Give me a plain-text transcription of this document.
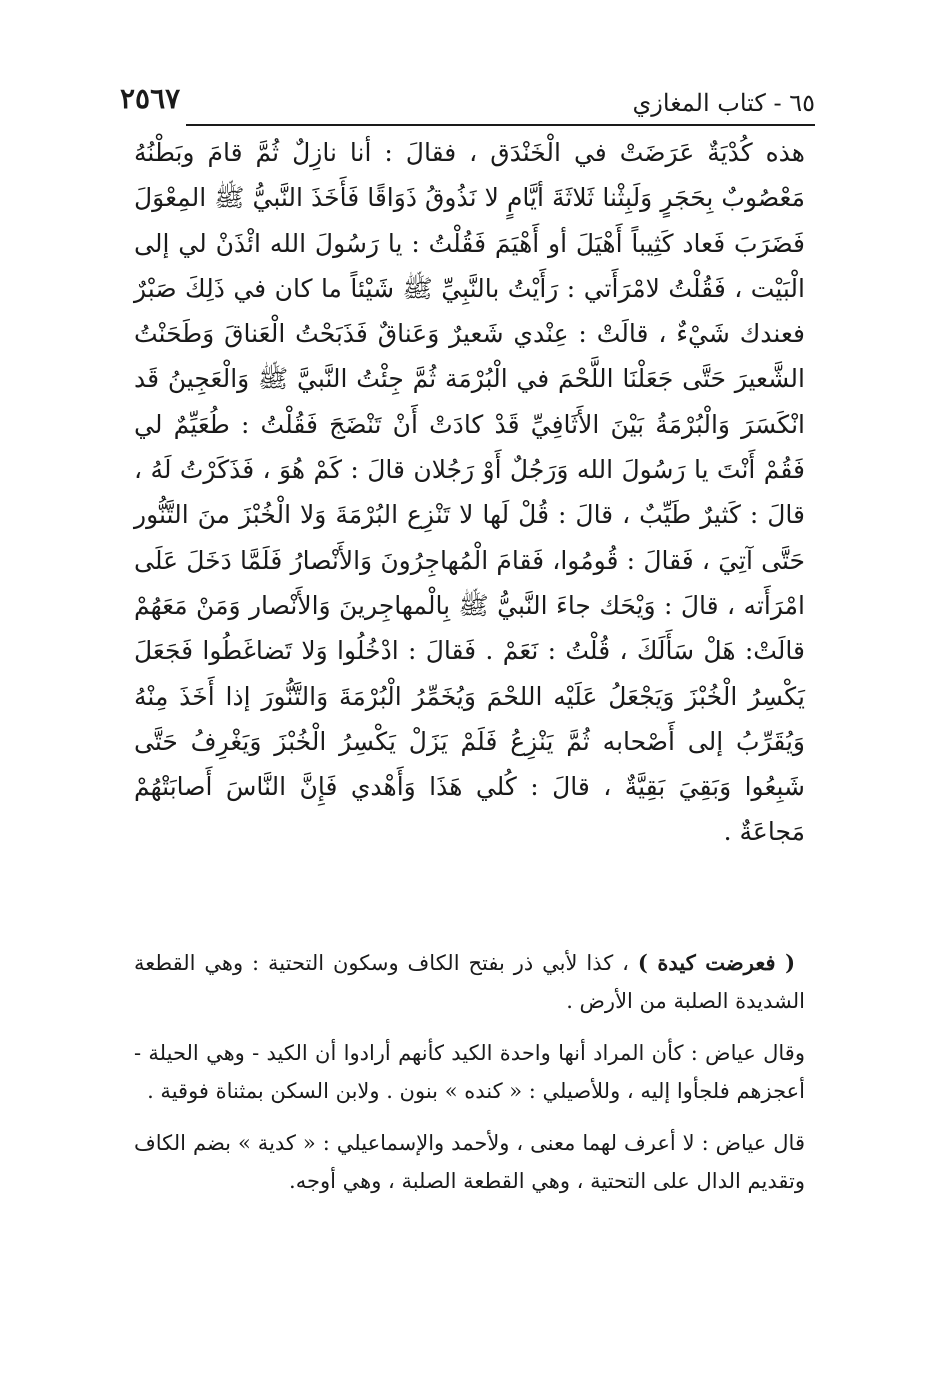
٦٥ - كتاب المغازي
٢٥٦٧

هذه كُدْيَةٌ عَرَضَتْ في الْخَنْدَق ، فقالَ : أنا نازِلٌ ثُمَّ قامَ وبَطْنُهُ مَعْصُوبٌ بِحَجَرٍ وَلَبِثْنا ثَلاثَةَ أيَّامٍ لا نَذُوقُ ذَوَاقًا فَأَخَذَ النَّبيُّ ﷺ المِعْوَلَ فَضَرَبَ فَعاد كَثِيباً أَهْيَلَ أو أَهْيَمَ فَقُلْتُ : يا رَسُولَ الله ائْذَنْ لي إلى الْبَيْت ، فَقُلْتُ لامْرَأَتي : رَأَيْتُ بالنَّبِيِّ ﷺ شَيْئاً ما كان في ذَلِكَ صَبْرٌ فعندك شَيْءٌ ، قالَتْ : عِنْدي شَعيرٌ وَعَناقٌ فَذَبَحْتُ الْعَناقَ وَطَحَنْتُ الشَّعيرَ حَتَّى جَعَلْنَا اللَّحْمَ في الْبُرْمَة ثُمَّ جِئْتُ النَّبيَّ ﷺ وَالْعَجِينُ قَد انْكَسَرَ وَالْبُرْمَةُ بَيْنَ الأَثَافِيِّ قَدْ كادَتْ أَنْ تَنْضَجَ فَقُلْتُ : طُعَيِّمٌ لي فَقُمْ أَنْتَ يا رَسُولَ الله وَرَجُلٌ أَوْ رَجُلان قالَ : كَمْ هُوَ ، فَذَكَرْتُ لَهُ ، قالَ : كَثيرٌ طَيِّبٌ ، قالَ : قُلْ لَها لا تَنْزِع البُرْمَةَ وَلا الْخُبْزَ منَ التَّنُّور حَتَّى آتِيَ ، فَقالَ : قُومُوا، فَقامَ الْمُهاجِرُونَ وَالأَنْصارُ فَلَمَّا دَخَلَ عَلَى امْرَأَته ، قالَ : وَيْحَك جاءَ النَّبيُّ ﷺ بِالْمهاجِرينَ وَالأَنْصار وَمَنْ مَعَهُمْ قالَتْ: هَلْ سَأَلَكَ ، قُلْتُ : نَعَمْ . فَقالَ : ادْخُلُوا وَلا تَضاغَطُوا فَجَعَلَ يَكْسِرُ الْخُبْزَ وَيَجْعَلُ عَلَيْه اللحْمَ وَيُخَمِّرُ الْبُرْمَةَ وَالتَّنُّورَ إذا أَخَذَ مِنْهُ وَيُقَرِّبُ إلى أَصْحابه ثُمَّ يَنْزِعُ فَلَمْ يَزَلْ يَكْسِرُ الْخُبْزَ وَيَغْرِفُ حَتَّى شَبِعُوا وَبَقِيَ بَقِيَّةٌ ، قالَ : كُلي هَذَا وَأَهْدي فَإِنَّ النَّاسَ أَصابَتْهُمْ مَجاعَةٌ .

( فعرضت كيدة ) ، كذا لأبي ذر بفتح الكاف وسكون التحتية : وهي القطعة الشديدة الصلبة من الأرض .

وقال عياض : كأن المراد أنها واحدة الكيد كأنهم أرادوا أن الكيد - وهي الحيلة - أعجزهم فلجأوا إليه ، وللأصيلي : « كنده » بنون . ولابن السكن بمثناة فوقية .

قال عياض : لا أعرف لهما معنى ، ولأحمد والإسماعيلي : « كدية » بضم الكاف وتقديم الدال على التحتية ، وهي القطعة الصلبة ، وهي أوجه.
